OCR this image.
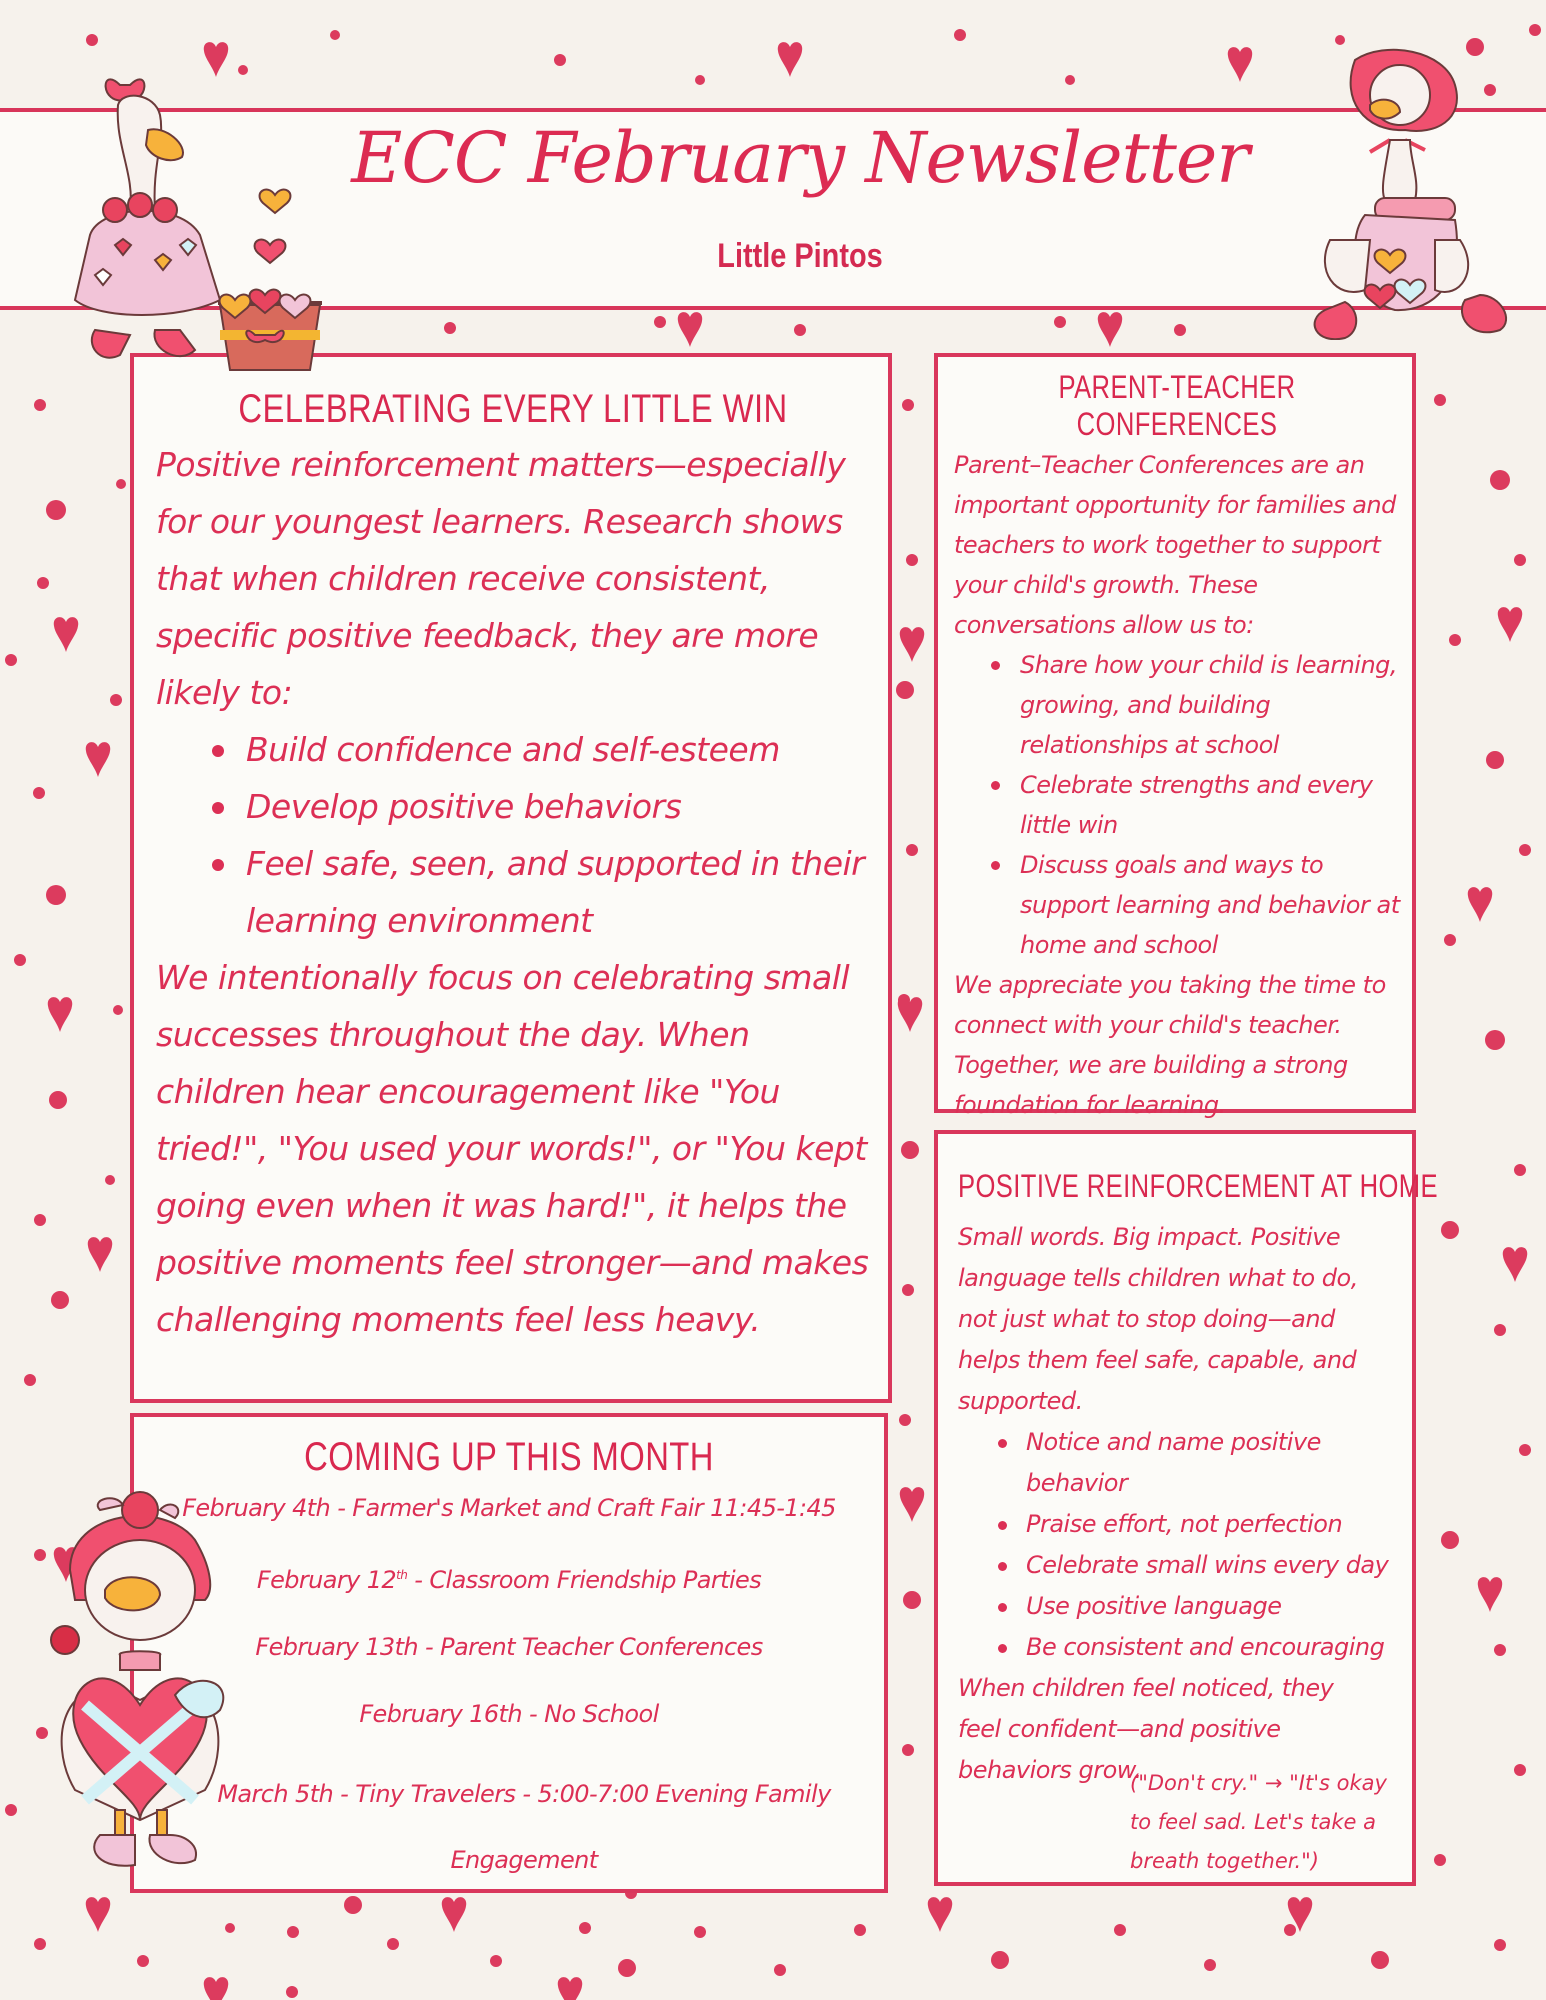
ECC February Newsletter
Little Pintos
CELEBRATING EVERY LITTLE WIN

Positive reinforcement matters—especially for our youngest learners. Research shows that when children receive consistent, specific positive feedback, they are more likely to:

Build confidence and self-esteem
Develop positive behaviors
Feel safe, seen, and supported in their learning environment

We intentionally focus on celebrating small successes throughout the day. When children hear encouragement like "You tried!", "You used your words!", or "You kept going even when it was hard!", it helps the positive moments feel stronger—and makes challenging moments feel less heavy.

COMING UP THIS MONTH
February 4th - Farmer's Market and Craft Fair 11:45-1:45
February 12th - Classroom Friendship Parties
February 13th - Parent Teacher Conferences
February 16th - No School
March 5th - Tiny Travelers - 5:00-7:00 Evening Family Engagement
PARENT-TEACHER CONFERENCES

Parent–Teacher Conferences are an important opportunity for families and teachers to work together to support your child's growth. These conversations allow us to:

Share how your child is learning, growing, and building relationships at school
Celebrate strengths and every little win
Discuss goals and ways to support learning and behavior at home and school

We appreciate you taking the time to connect with your child's teacher. Together, we are building a strong foundation for learning.

POSITIVE REINFORCEMENT AT HOME

Small words. Big impact. Positive language tells children what to do, not just what to stop doing—and helps them feel safe, capable, and supported.

Notice and name positive behavior
Praise effort, not perfection
Celebrate small wins every day
Use positive language
Be consistent and encouraging

When children feel noticed, they feel confident—and positive behaviors grow.

("Don't cry." → "It's okay to feel sad. Let's take a breath together.")
